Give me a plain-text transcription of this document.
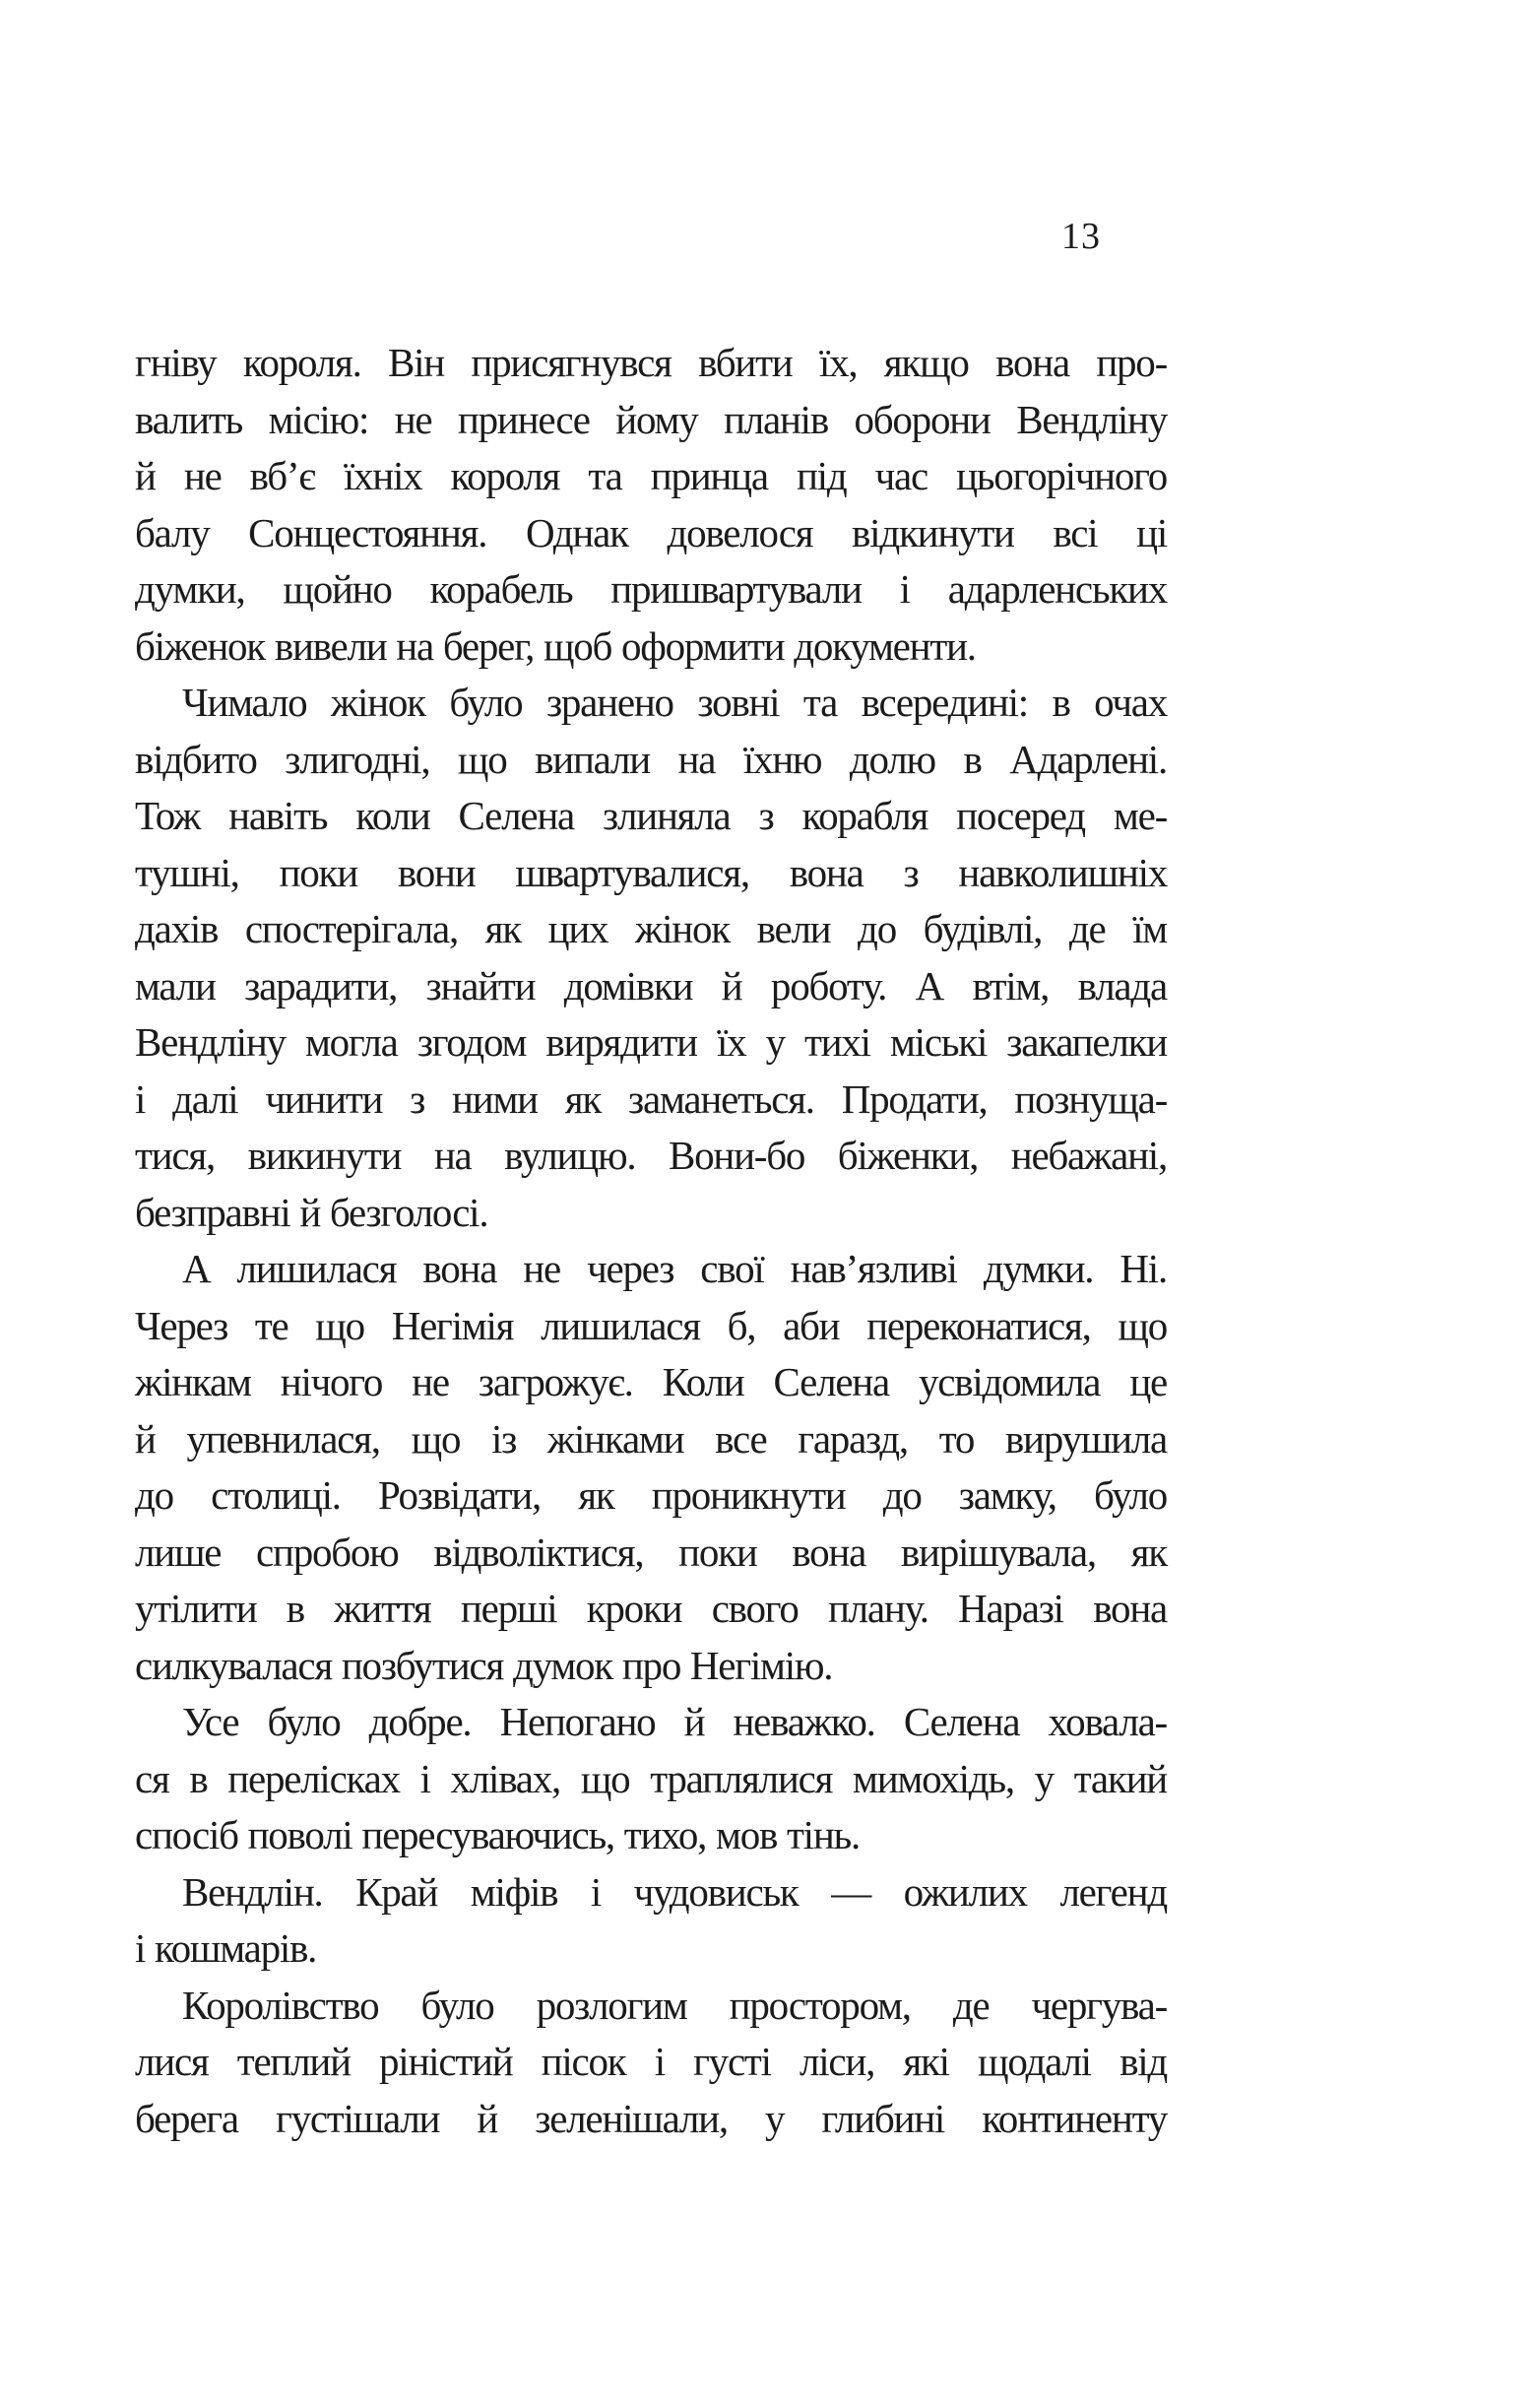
13
гніву короля. Він присягнувся вбити їх, якщо вона про-
валить місію: не принесе йому планів оборони Вендліну
й не вб’є їхніх короля та принца під час цьогорічного
балу Сонцестояння. Однак довелося відкинути всі ці
думки, щойно корабель пришвартували і адарленських
біженок вивели на берег, щоб оформити документи.
Чимало жінок було зранено зовні та всередині: в очах
відбито злигодні, що випали на їхню долю в Адарлені.
Тож навіть коли Селена злиняла з корабля посеред ме-
тушні, поки вони швартувалися, вона з навколишніх
дахів спостерігала, як цих жінок вели до будівлі, де їм
мали зарадити, знайти домівки й роботу. А втім, влада
Вендліну могла згодом вирядити їх у тихі міські закапелки
і далі чинити з ними як заманеться. Продати, познуща-
тися, викинути на вулицю. Вони-бо біженки, небажані,
безправні й безголосі.
А лишилася вона не через свої нав’язливі думки. Ні.
Через те що Негімія лишилася б, аби переконатися, що
жінкам нічого не загрожує. Коли Селена усвідомила це
й упевнилася, що із жінками все гаразд, то вирушила
до столиці. Розвідати, як проникнути до замку, було
лише спробою відволіктися, поки вона вирішувала, як
утілити в життя перші кроки свого плану. Наразі вона
силкувалася позбутися думок про Негімію.
Усе було добре. Непогано й неважко. Селена ховала-
ся в перелісках і хлівах, що траплялися мимохідь, у такий
спосіб поволі пересуваючись, тихо, мов тінь.
Вендлін. Край міфів і чудовиськ — ожилих легенд
і кошмарів.
Королівство було розлогим простором, де чергува-
лися теплий ріністий пісок і густі ліси, які щодалі від
берега густішали й зеленішали, у глибині континенту
